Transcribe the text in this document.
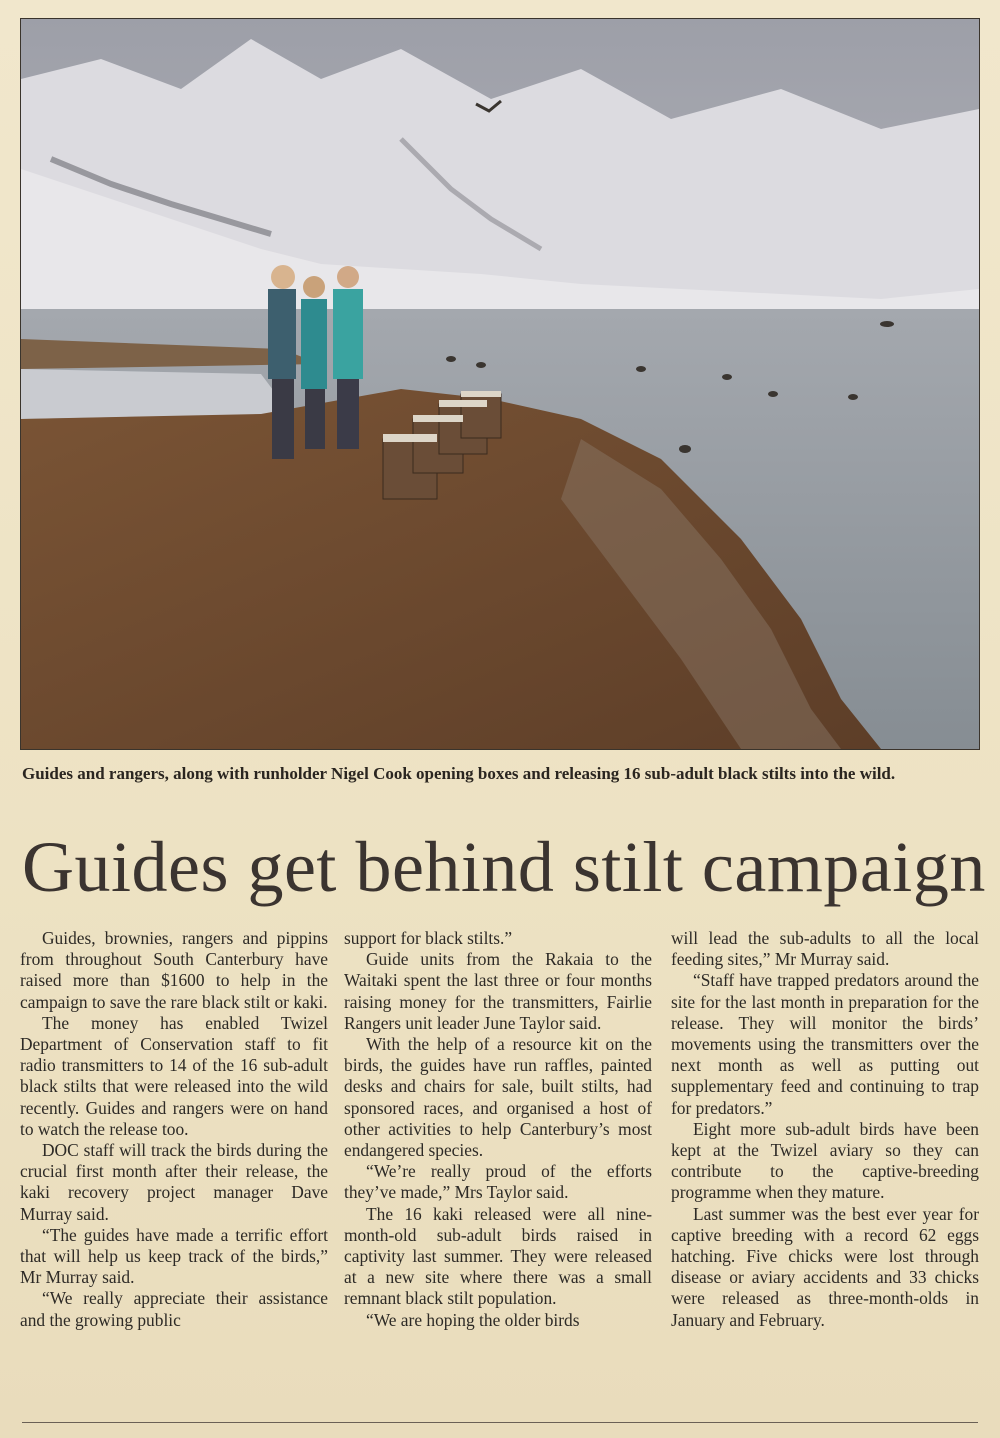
Guides and rangers, along with runholder Nigel Cook opening boxes and releasing 16 sub-adult black stilts into the wild.
Guides get behind stilt campaign

Guides, brownies, rangers and pippins from throughout South Canterbury have raised more than $1600 to help in the campaign to save the rare black stilt or kaki.

The money has enabled Twizel Department of Conservation staff to fit radio transmitters to 14 of the 16 sub-adult black stilts that were released into the wild recently. Guides and rangers were on hand to watch the release too.

DOC staff will track the birds during the crucial first month after their release, the kaki recovery project manager Dave Murray said.

“The guides have made a terrific effort that will help us keep track of the birds,” Mr Murray said.

“We really appreciate their assistance and the growing public

support for black stilts.”

Guide units from the Rakaia to the Waitaki spent the last three or four months raising money for the transmitters, Fairlie Rangers unit leader June Taylor said.

With the help of a resource kit on the birds, the guides have run raffles, painted desks and chairs for sale, built stilts, had sponsored races, and organised a host of other activities to help Canterbury’s most endangered species.

“We’re really proud of the efforts they’ve made,” Mrs Taylor said.

The 16 kaki released were all nine-month-old sub-adult birds raised in captivity last summer. They were released at a new site where there was a small remnant black stilt population.

“We are hoping the older birds

will lead the sub-adults to all the local feeding sites,” Mr Murray said.

“Staff have trapped predators around the site for the last month in preparation for the release. They will monitor the birds’ movements using the transmitters over the next month as well as putting out supplementary feed and continuing to trap for predators.”

Eight more sub-adult birds have been kept at the Twizel aviary so they can contribute to the captive-breeding programme when they mature.

Last summer was the best ever year for captive breeding with a record 62 eggs hatching. Five chicks were lost through disease or aviary accidents and 33 chicks were released as three-month-olds in January and February.
